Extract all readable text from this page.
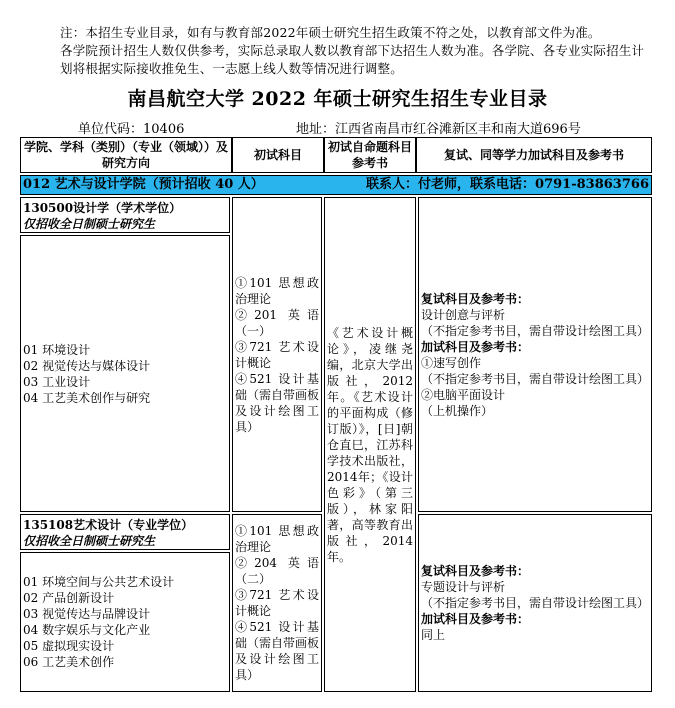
注：本招生专业目录，如有与教育部2022年硕士研究生招生政策不符之处，以教育部文件为准。
各学院预计招生人数仅供参考，实际总录取人数以教育部下达招生人数为准。各学院、各专业实际招生计
划将根据实际接收推免生、一志愿上线人数等情况进行调整。
南昌航空大学 2022 年硕士研究生招生专业目录
单位代码：10406	地址：江西省南昌市红谷滩新区丰和南大道696号
学院、学科（类别）（专业（领域））及
研究方向
初试科目
初试自命题科目
参考书
复试、同等学力加试科目及参考书
012 艺术与设计学院（预计招收 40 人）	联系人：付老师，联系电话：0791-83863766
130500设计学（学术学位）
仅招收全日制硕士研究生
01 环境设计
02 视觉传达与媒体设计
03 工业设计
04 工艺美术创作与研究
①101 思想政治理论
②201 英语（一）
③721 艺术设计概论
④521 设计基础（需自带画板及设计绘图工具）
复试科目及参考书：
设计创意与评析
（不指定参考书目，需自带设计绘图工具）
加试科目及参考书：
①速写创作
（不指定参考书目，需自带设计绘图工具）
②电脑平面设计
（上机操作）
《艺术设计概论》，凌继尧编，北京大学出版社，2012年。《艺术设计的平面构成（修订版）》，[日]朝仓直巳，江苏科学技术出版社，2014年；《设计色彩》（第三版），林家阳著，高等教育出版社，2014年。
135108艺术设计（专业学位）
仅招收全日制硕士研究生
01 环境空间与公共艺术设计
02 产品创新设计
03 视觉传达与品牌设计
04 数字娱乐与文化产业
05 虚拟现实设计
06 工艺美术创作
①101 思想政治理论
②204 英语（二）
③721 艺术设计概论
④521 设计基础（需自带画板及设计绘图工具）
复试科目及参考书：
专题设计与评析
（不指定参考书目，需自带设计绘图工具）
加试科目及参考书：
同上
